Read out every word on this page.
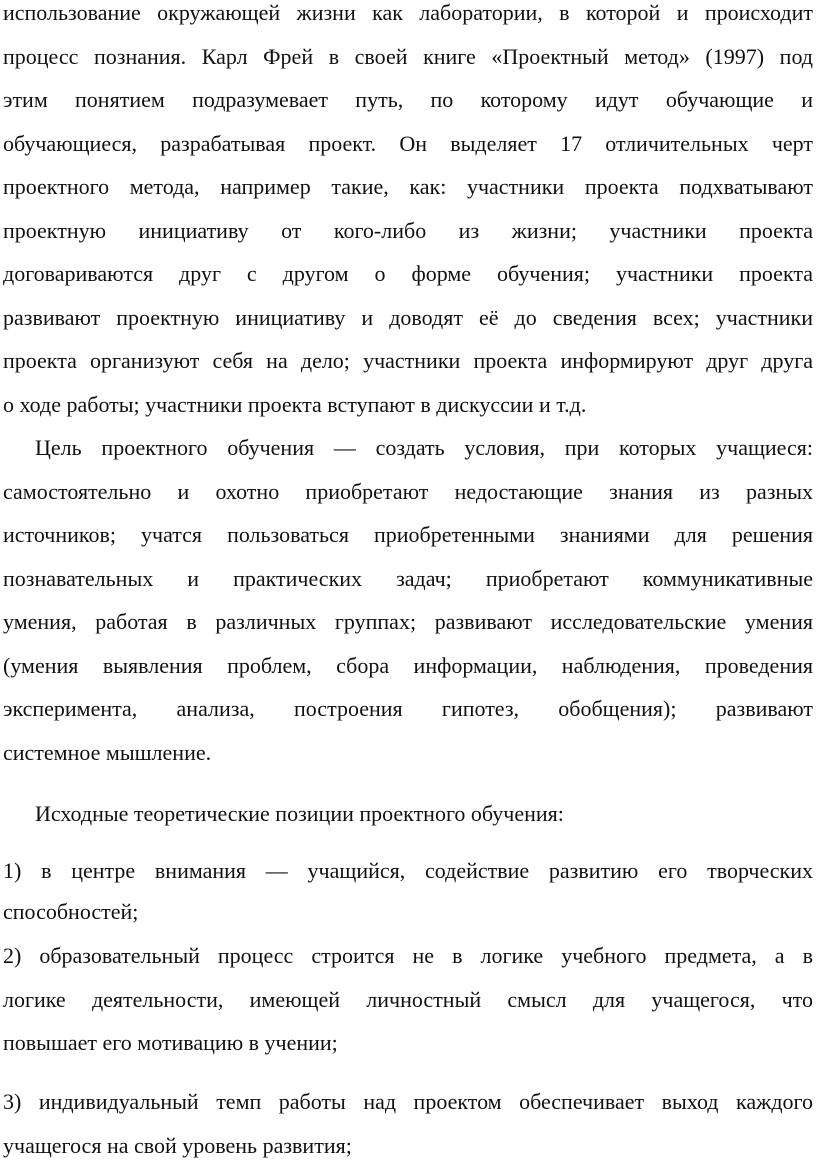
использование окружающей жизни как лаборатории, в которой и происходит
процесс познания. Карл Фрей в своей книге «Проектный метод» (1997) под
этим понятием подразумевает путь, по которому идут обучающие и
обучающиеся, разрабатывая проект. Он выделяет 17 отличительных черт
проектного метода, например такие, как: участники проекта подхватывают
проектную инициативу от кого-либо из жизни; участники проекта
договариваются друг с другом о форме обучения; участники проекта
развивают проектную инициативу и доводят её до сведения всех; участники
проекта организуют себя на дело; участники проекта информируют друг друга
о ходе работы; участники проекта вступают в дискуссии и т.д.
Цель проектного обучения — создать условия, при которых учащиеся:
самостоятельно и охотно приобретают недостающие знания из разных
источников; учатся пользоваться приобретенными знаниями для решения
познавательных и практических задач; приобретают коммуникативные
умения, работая в различных группах; развивают исследовательские умения
(умения выявления проблем, сбора информации, наблюдения, проведения
эксперимента, анализа, построения гипотез, обобщения); развивают
системное мышление.
Исходные теоретические позиции проектного обучения:
1) в центре внимания — учащийся, содействие развитию его творческих
способностей;
2) образовательный процесс строится не в логике учебного предмета, а в
логике деятельности, имеющей личностный смысл для учащегося, что
повышает его мотивацию в учении;
3) индивидуальный темп работы над проектом обеспечивает выход каждого
учащегося на свой уровень развития;
